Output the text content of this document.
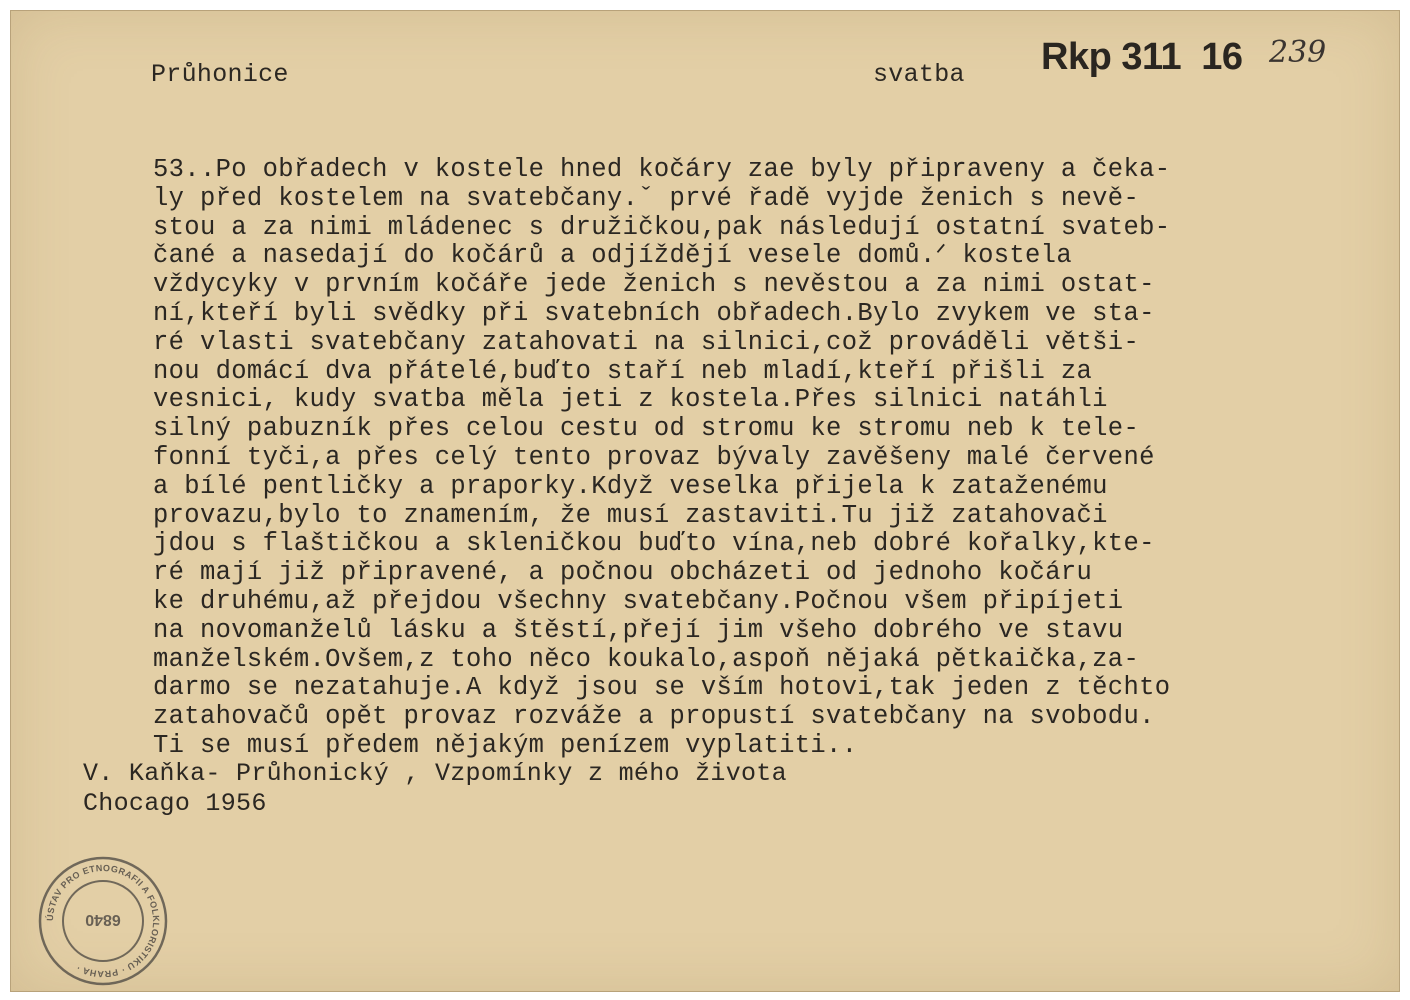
Průhonice	svatba Rkp 311  16 239
53..Po obřadech v kostele hned kočáry zae byly připraveny a čeka-
ly před kostelem na svatebčany.ˇ prvé řadě vyjde ženich s nevě-
stou a za nimi mládenec s družičkou,pak následují ostatní svateb-
čané a nasedají do kočárů a odjíždějí vesele domů.ᐟ kostela
vždycyky v prvním kočáře jede ženich s nevěstou a za nimi ostat-
ní,kteří byli svědky při svatebních obřadech.Bylo zvykem ve sta-
ré vlasti svatebčany zatahovati na silnici,což prováděli větši-
nou domácí dva přátelé,buďto staří neb mladí,kteří přišli za
vesnici, kudy svatba měla jeti z kostela.Přes silnici natáhli
silný pabuzník přes celou cestu od stromu ke stromu neb k tele-
fonní tyči,a přes celý tento provaz bývaly zavěšeny malé červené
a bílé pentličky a praporky.Když veselka přijela k zataženému
provazu,bylo to znamením, že musí zastaviti.Tu již zatahovači
jdou s flaštičkou a skleničkou buďto vína,neb dobré kořalky,kte-
ré mají již připravené, a počnou obcházeti od jednoho kočáru
ke druhému,až přejdou všechny svatebčany.Počnou všem připíjeti
na novomanželů lásku a štěstí,přejí jim všeho dobrého ve stavu
manželském.Ovšem,z toho něco koukalo,aspoň nějaká pětkaička,za-
darmo se nezatahuje.A když jsou se vším hotovi,tak jeden z těchto
zatahovačů opět provaz rozváže a propustí svatebčany na svobodu.
Ti se musí předem nějakým penízem vyplatiti..
V. Kaňka- Průhonický , Vzpomínky z mého života
Chocago 1956
ÚSTAV PRO ETNOGRAFII A FOLKLORISTIKU · PRAHA ·
6840
